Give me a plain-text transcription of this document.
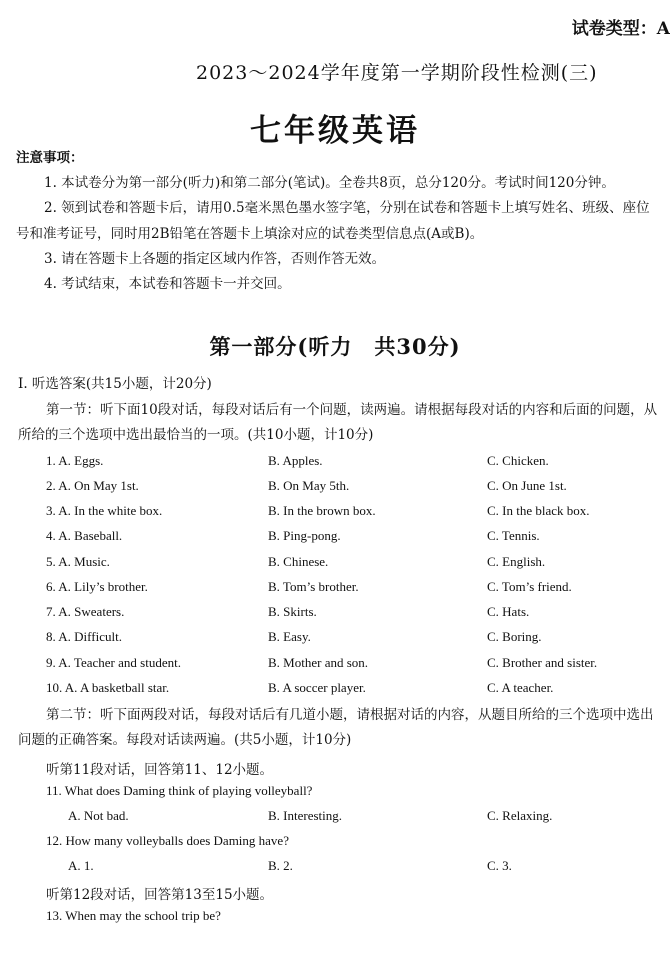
试卷类型：A
2023～2024学年度第一学期阶段性检测(三)
七年级英语

注意事项：

1. 本试卷分为第一部分(听力)和第二部分(笔试)。全卷共8页，总分120分。考试时间120分钟。

2. 领到试卷和答题卡后，请用0.5毫米黑色墨水签字笔，分别在试卷和答题卡上填写姓名、班级、座位号和准考证号，同时用2B铅笔在答题卡上填涂对应的试卷类型信息点(A或B)。

3. 请在答题卡上各题的指定区域内作答，否则作答无效。

4. 考试结束，本试卷和答题卡一并交回。

第一部分(听力　共30分)
Ⅰ. 听选答案(共15小题，计20分)

第一节：听下面10段对话，每段对话后有一个问题，读两遍。请根据每段对话的内容和后面的问题，从所给的三个选项中选出最恰当的一项。(共10小题，计10分)

1. A. Eggs.	B. Apples.	C. Chicken.
2. A. On May 1st.	B. On May 5th.	C. On June 1st.
3. A. In the white box.	B. In the brown box.	C. In the black box.
4. A. Baseball.	B. Ping-pong.	C. Tennis.
5. A. Music.	B. Chinese.	C. English.
6. A. Lily’s brother.	B. Tom’s brother.	C. Tom’s friend.
7. A. Sweaters.	B. Skirts.	C. Hats.
8. A. Difficult.	B. Easy.	C. Boring.
9. A. Teacher and student.	B. Mother and son.	C. Brother and sister.
10. A. A basketball star.	B. A soccer player.	C. A teacher.

第二节：听下面两段对话，每段对话后有几道小题，请根据对话的内容，从题目所给的三个选项中选出问题的正确答案。每段对话读两遍。(共5小题，计10分)

听第11段对话，回答第11、12小题。
11. What does Daming think of playing volleyball?
A. Not bad.	B. Interesting.	C. Relaxing.
12. How many volleyballs does Daming have?
A. 1.	B. 2.	C. 3.
听第12段对话，回答第13至15小题。
13. When may the school trip be?
